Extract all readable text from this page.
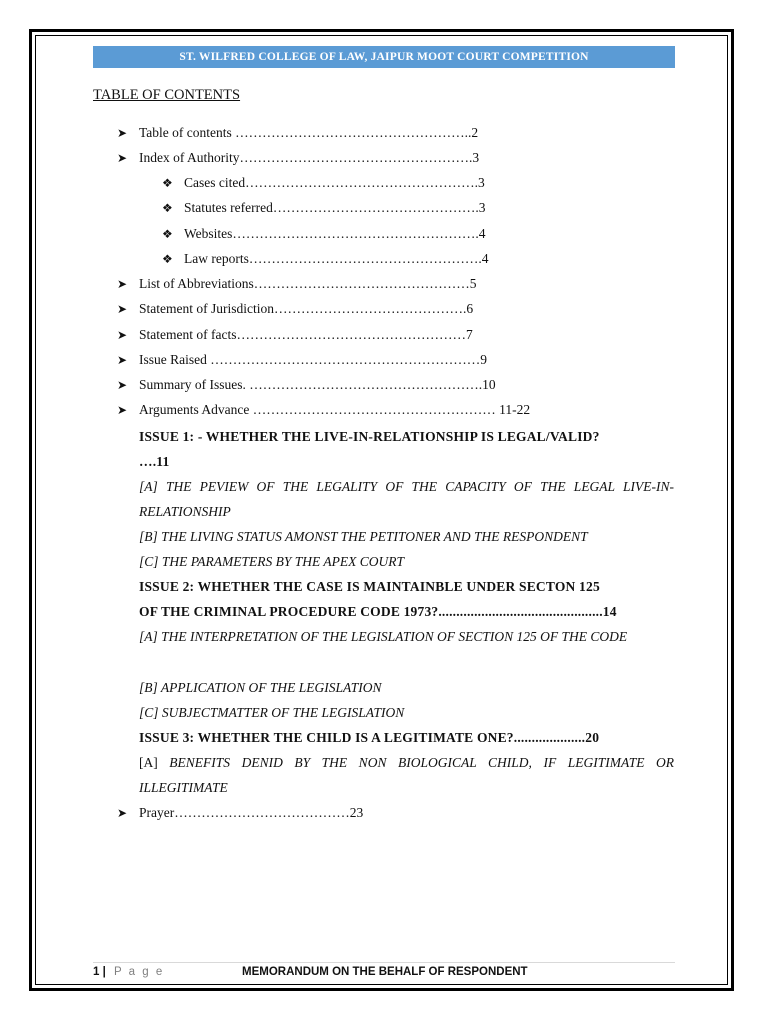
ST. WILFRED COLLEGE OF LAW, JAIPUR MOOT COURT COMPETITION
TABLE OF CONTENTS
➤ Table of contents ……………………………………………..2
➤ Index of Authority…………………………………………….3
❖ Cases cited…………………………………………….3
❖ Statutes referred……………………………………….3
❖ Websites……………………………………………….4
❖ Law reports…………………………………………….4
➤ List of Abbreviations…………………………………………5
➤ Statement of Jurisdiction…………………………………….6
➤ Statement of facts……………………………………………7
➤ Issue Raised ……………………………………………………9
➤ Summary of Issues. …………………………………………….10
➤ Arguments Advance ……………………………………………… 11-22
ISSUE 1: - WHETHER THE LIVE-IN-RELATIONSHIP IS LEGAL/VALID?
….11
[A] THE PEVIEW OF THE LEGALITY OF THE CAPACITY OF THE LEGAL LIVE-IN-RELATIONSHIP
[B] THE LIVING STATUS AMONST THE PETITONER AND THE RESPONDENT
[C] THE PARAMETERS BY THE APEX COURT
ISSUE 2: WHETHER THE CASE IS MAINTAINBLE UNDER SECTON 125
OF THE CRIMINAL PROCEDURE CODE 1973?..............................................14
[A] THE INTERPRETATION OF THE LEGISLATION OF SECTION 125 OF THE CODE
[B] APPLICATION OF THE LEGISLATION
[C] SUBJECTMATTER OF THE LEGISLATION
ISSUE 3: WHETHER THE CHILD IS A LEGITIMATE ONE?....................20
[A] BENEFITS DENID BY THE NON BIOLOGICAL CHILD, IF LEGITIMATE OR ILLEGITIMATE
➤ Prayer…………………………………23
1 | P a g e	MEMORANDUM ON THE BEHALF OF RESPONDENT
